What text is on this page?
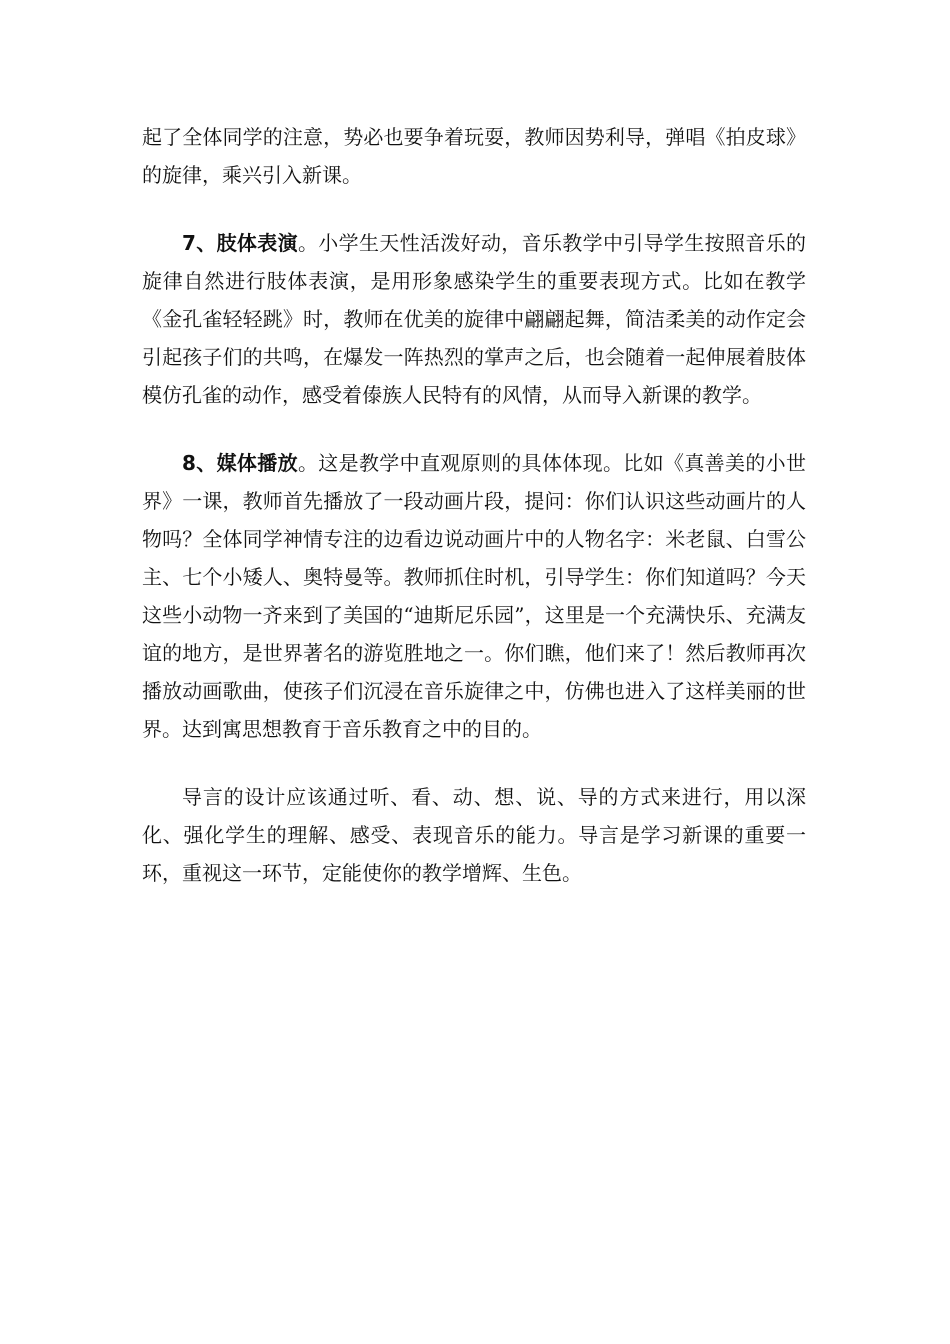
起了全体同学的注意，势必也要争着玩耍，教师因势利导，弹唱《拍皮球》的旋律，乘兴引入新课。

7、肢体表演。小学生天性活泼好动，音乐教学中引导学生按照音乐的旋律自然进行肢体表演，是用形象感染学生的重要表现方式。比如在教学《金孔雀轻轻跳》时，教师在优美的旋律中翩翩起舞，简洁柔美的动作定会引起孩子们的共鸣，在爆发一阵热烈的掌声之后，也会随着一起伸展着肢体模仿孔雀的动作，感受着傣族人民特有的风情，从而导入新课的教学。

8、媒体播放。这是教学中直观原则的具体体现。比如《真善美的小世界》一课，教师首先播放了一段动画片段，提问：你们认识这些动画片的人物吗？全体同学神情专注的边看边说动画片中的人物名字：米老鼠、白雪公主、七个小矮人、奥特曼等。教师抓住时机，引导学生：你们知道吗？今天这些小动物一齐来到了美国的“迪斯尼乐园”，这里是一个充满快乐、充满友谊的地方，是世界著名的游览胜地之一。你们瞧，他们来了！然后教师再次播放动画歌曲，使孩子们沉浸在音乐旋律之中，仿佛也进入了这样美丽的世界。达到寓思想教育于音乐教育之中的目的。

导言的设计应该通过听、看、动、想、说、导的方式来进行，用以深化、强化学生的理解、感受、表现音乐的能力。导言是学习新课的重要一环，重视这一环节，定能使你的教学增辉、生色。
